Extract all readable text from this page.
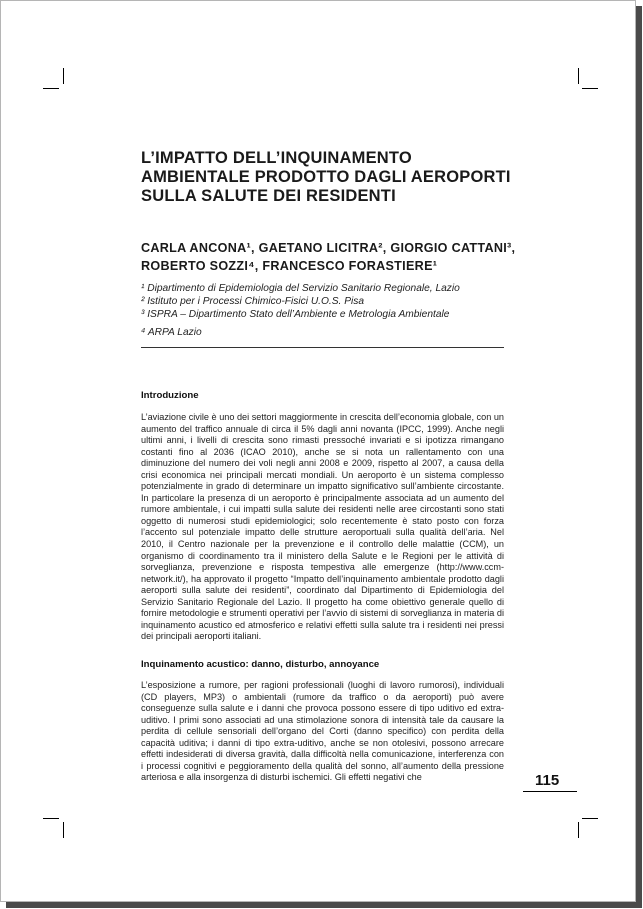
L’IMPATTO DELL’INQUINAMENTO AMBIENTALE PRODOTTO DAGLI AEROPORTI SULLA SALUTE DEI RESIDENTI
CARLA ANCONA¹, GAETANO LICITRA², GIORGIO CATTANI³, ROBERTO SOZZI⁴, FRANCESCO FORASTIERE¹
¹ Dipartimento di Epidemiologia del Servizio Sanitario Regionale, Lazio
² Istituto per i Processi Chimico-Fisici U.O.S. Pisa
³ ISPRA – Dipartimento Stato dell’Ambiente e Metrologia Ambientale
⁴ ARPA Lazio
Introduzione

L’aviazione civile è uno dei settori maggiormente in crescita dell’economia globale, con un aumento del traffico annuale di circa il 5% dagli anni novanta (IPCC, 1999). Anche negli ultimi anni, i livelli di crescita sono rimasti pressoché invariati e si ipotizza rimangano costanti fino al 2036 (ICAO 2010), anche se si nota un rallentamento con una diminuzione del numero dei voli negli anni 2008 e 2009, rispetto al 2007, a causa della crisi economica nei principali mercati mondiali. Un aeroporto è un sistema complesso potenzialmente in grado di determinare un impatto significativo sull’ambiente circostante. In particolare la presenza di un aeroporto è principalmente associata ad un aumento del rumore ambientale, i cui impatti sulla salute dei residenti nelle aree circostanti sono stati oggetto di numerosi studi epidemiologici; solo recentemente è stato posto con forza l’accento sul potenziale impatto delle strutture aeroportuali sulla qualità dell’aria. Nel 2010, il Centro nazionale per la prevenzione e il controllo delle malattie (CCM), un organismo di coordinamento tra il ministero della Salute e le Regioni per le attività di sorveglianza, prevenzione e risposta tempestiva alle emergenze (http://www.ccm-network.it/), ha approvato il progetto “Impatto dell’inquinamento ambientale prodotto dagli aeroporti sulla salute dei residenti”, coordinato dal Dipartimento di Epidemiologia del Servizio Sanitario Regionale del Lazio. Il progetto ha come obiettivo generale quello di fornire metodologie e strumenti operativi per l’avvio di sistemi di sorveglianza in materia di inquinamento acustico ed atmosferico e relativi effetti sulla salute tra i residenti nei pressi dei principali aeroporti italiani.

Inquinamento acustico: danno, disturbo, annoyance

L’esposizione a rumore, per ragioni professionali (luoghi di lavoro rumorosi), individuali (CD players, MP3) o ambientali (rumore da traffico o da aeroporti) può avere conseguenze sulla salute e i danni che provoca possono essere di tipo uditivo ed extra-uditivo. I primi sono associati ad una stimolazione sonora di intensità tale da causare la perdita di cellule sensoriali dell’organo del Corti (danno specifico) con perdita della capacità uditiva; i danni di tipo extra-uditivo, anche se non otolesivi, possono arrecare effetti indesiderati di diversa gravità, dalla difficoltà nella comunicazione, interferenza con i processi cognitivi e peggioramento della qualità del sonno, all’aumento della pressione arteriosa e alla insorgenza di disturbi ischemici. Gli effetti negativi che	115
